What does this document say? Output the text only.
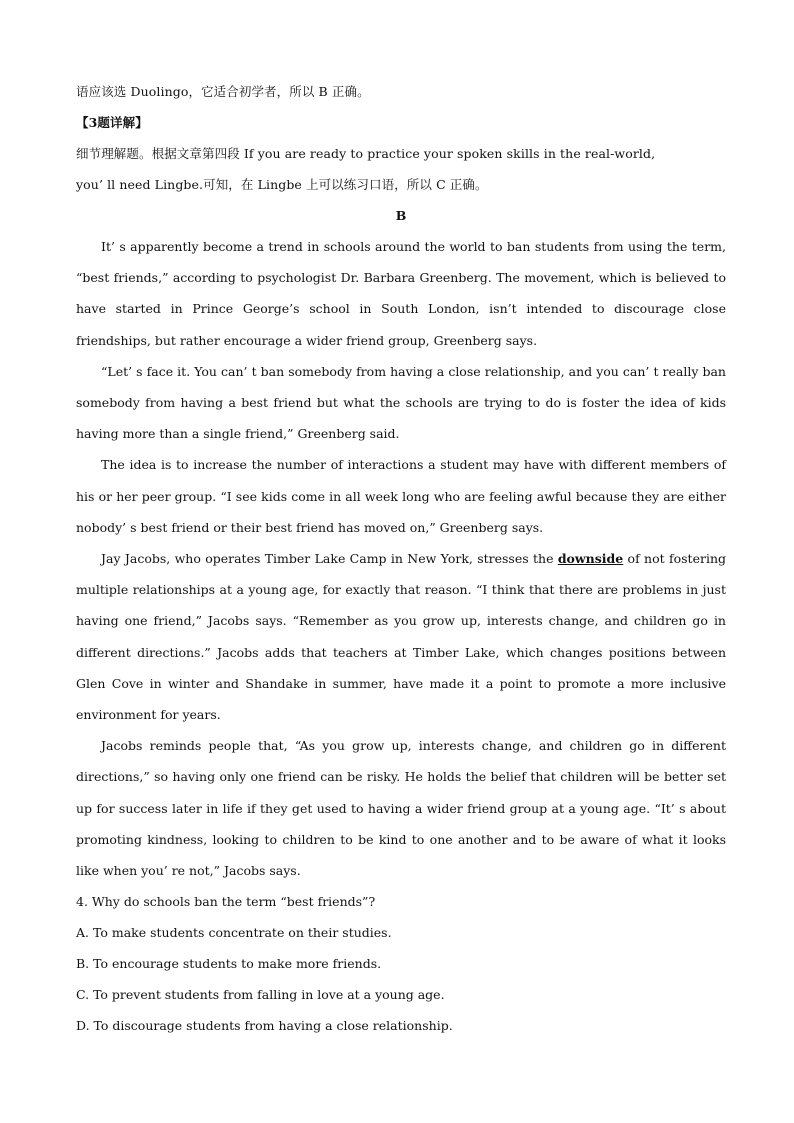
语应该选 Duolingo，它适合初学者，所以 B 正确。

【3题详解】

细节理解题。根据文章第四段 If you are ready to practice your spoken skills in the real-world,

you’ ll need Lingbe.可知，在 Lingbe 上可以练习口语，所以 C 正确。

B

It’ s apparently become a trend in schools around the world to ban students from using the term, “best friends,” according to psychologist Dr. Barbara Greenberg. The movement, which is believed to have started in Prince George’s school in South London, isn’t intended to discourage close friendships, but rather encourage a wider friend group, Greenberg says.

“Let’ s face it. You can’ t ban somebody from having a close relationship, and you can’ t really ban somebody from having a best friend but what the schools are trying to do is foster the idea of kids having more than a single friend,” Greenberg said.

The idea is to increase the number of interactions a student may have with different members of his or her peer group. “I see kids come in all week long who are feeling awful because they are either nobody’ s best friend or their best friend has moved on,” Greenberg says.

Jay Jacobs, who operates Timber Lake Camp in New York, stresses the downside of not fostering multiple relationships at a young age, for exactly that reason. “I think that there are problems in just having one friend,” Jacobs says. “Remember as you grow up, interests change, and children go in different directions.” Jacobs adds that teachers at Timber Lake, which changes positions between Glen Cove in winter and Shandake in summer, have made it a point to promote a more inclusive environment for years.

Jacobs reminds people that, “As you grow up, interests change, and children go in different directions,” so having only one friend can be risky. He holds the belief that children will be better set up for success later in life if they get used to having a wider friend group at a young age. “It’ s about promoting kindness, looking to children to be kind to one another and to be aware of what it looks like when you’ re not,” Jacobs says.

4. Why do schools ban the term “best friends”?

A. To make students concentrate on their studies.

B. To encourage students to make more friends.

C. To prevent students from falling in love at a young age.

D. To discourage students from having a close relationship.
